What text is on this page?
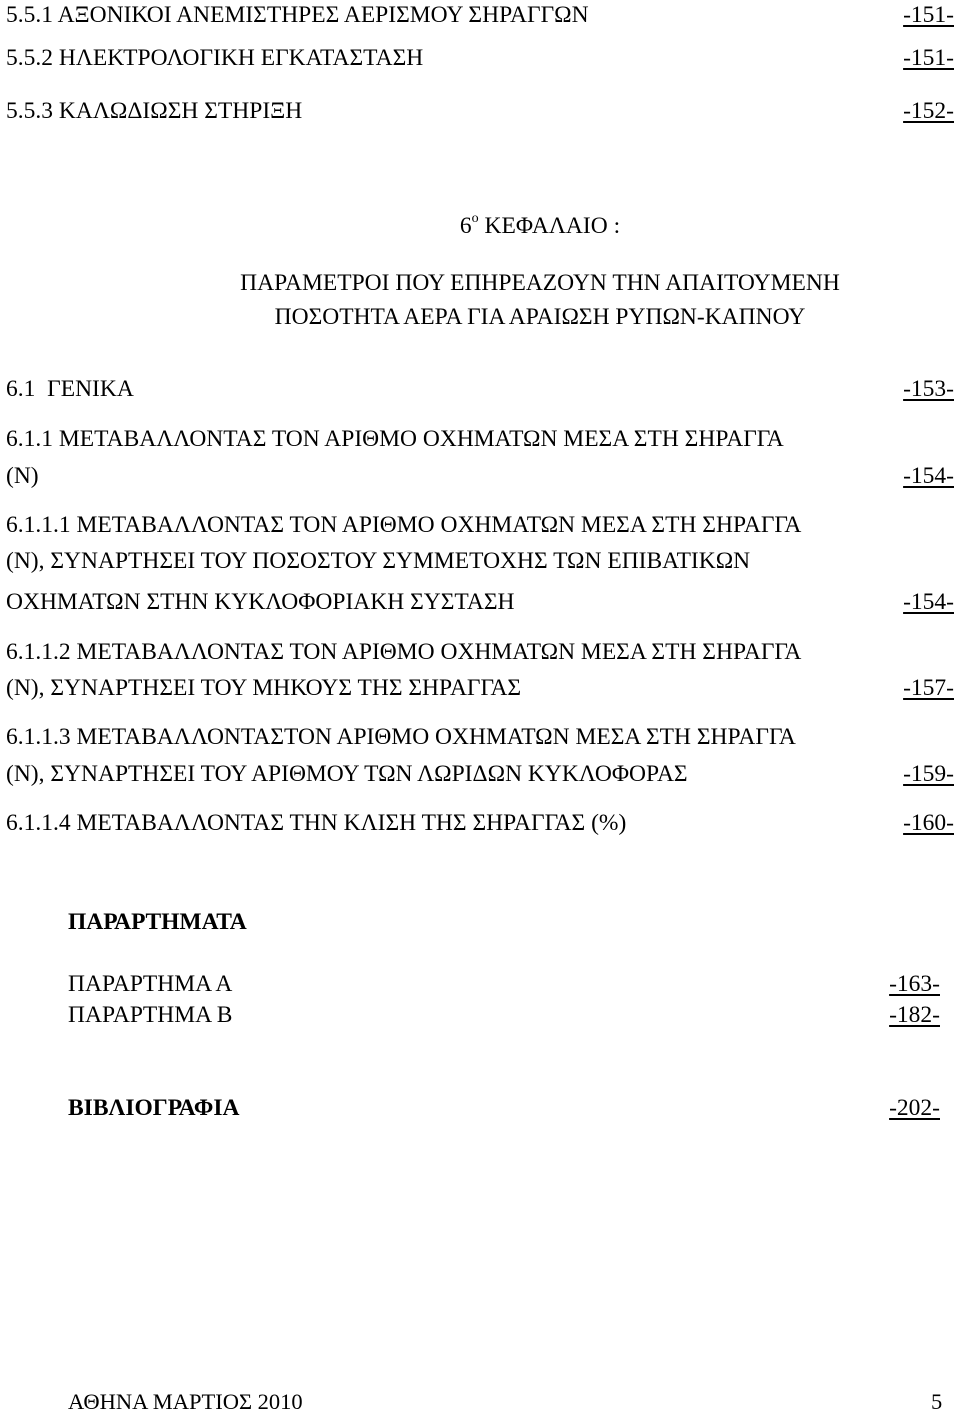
5.5.1 ΑΞΟΝΙΚΟΙ ΑΝΕΜΙΣΤΗΡΕΣ ΑΕΡΙΣΜΟΥ ΣΗΡΑΓΓΩΝ	-151-
5.5.2 ΗΛΕΚΤΡΟΛΟΓΙΚΗ ΕΓΚΑΤΑΣΤΑΣΗ	-151-
5.5.3 ΚΑΛΩΔΙΩΣΗ ΣΤΗΡΙΞΗ	-152-
$6^o$ ΚΕΦΑΛΑΙΟ :
ΠΑΡΑΜΕΤΡΟΙ ΠΟΥ ΕΠΗΡΕΑΖΟΥΝ ΤΗΝ ΑΠΑΙΤΟΥΜΕΝΗ
ΠΟΣΟΤΗΤΑ ΑΕΡΑ ΓΙΑ ΑΡΑΙΩΣΗ ΡΥΠΩΝ-ΚΑΠΝΟΥ
6.1  ΓΕΝΙΚΑ	-153-
6.1.1 ΜΕΤΑΒΑΛΛΟΝΤΑΣ ΤΟΝ ΑΡΙΘΜΟ ΟΧΗΜΑΤΩΝ ΜΕΣΑ ΣΤΗ ΣΗΡΑΓΓΑ
(Ν)	-154-
6.1.1.1 ΜΕΤΑΒΑΛΛΟΝΤΑΣ ΤΟΝ ΑΡΙΘΜΟ ΟΧΗΜΑΤΩΝ ΜΕΣΑ ΣΤΗ ΣΗΡΑΓΓΑ
(Ν), ΣΥΝΑΡΤΗΣΕΙ ΤΟΥ ΠΟΣΟΣΤΟΥ ΣΥΜΜΕΤΟΧΗΣ ΤΩΝ ΕΠΙΒΑΤΙΚΩΝ
ΟΧΗΜΑΤΩΝ ΣΤΗΝ ΚΥΚΛΟΦΟΡΙΑΚΗ ΣΥΣΤΑΣΗ	-154-
6.1.1.2 ΜΕΤΑΒΑΛΛΟΝΤΑΣ ΤΟΝ ΑΡΙΘΜΟ ΟΧΗΜΑΤΩΝ ΜΕΣΑ ΣΤΗ ΣΗΡΑΓΓΑ
(Ν), ΣΥΝΑΡΤΗΣΕΙ ΤΟΥ ΜΗΚΟΥΣ ΤΗΣ ΣΗΡΑΓΓΑΣ	-157-
6.1.1.3 ΜΕΤΑΒΑΛΛΟΝΤΑΣΤΟΝ ΑΡΙΘΜΟ ΟΧΗΜΑΤΩΝ ΜΕΣΑ ΣΤΗ ΣΗΡΑΓΓΑ
(Ν), ΣΥΝΑΡΤΗΣΕΙ ΤΟΥ ΑΡΙΘΜΟΥ ΤΩΝ ΛΩΡΙΔΩΝ ΚΥΚΛΟΦΟΡΑΣ	-159-
6.1.1.4 ΜΕΤΑΒΑΛΛΟΝΤΑΣ ΤΗΝ ΚΛΙΣΗ ΤΗΣ ΣΗΡΑΓΓΑΣ (%)	-160-
ΠΑΡΑΡΤΗΜΑΤΑ
ΠΑΡΑΡΤΗΜΑ Α	-163-
ΠΑΡΑΡΤΗΜΑ Β	-182-
ΒΙΒΛΙΟΓΡΑΦΙΑ	-202-
ΑΘΗΝΑ ΜΑΡΤΙΟΣ 2010	5
